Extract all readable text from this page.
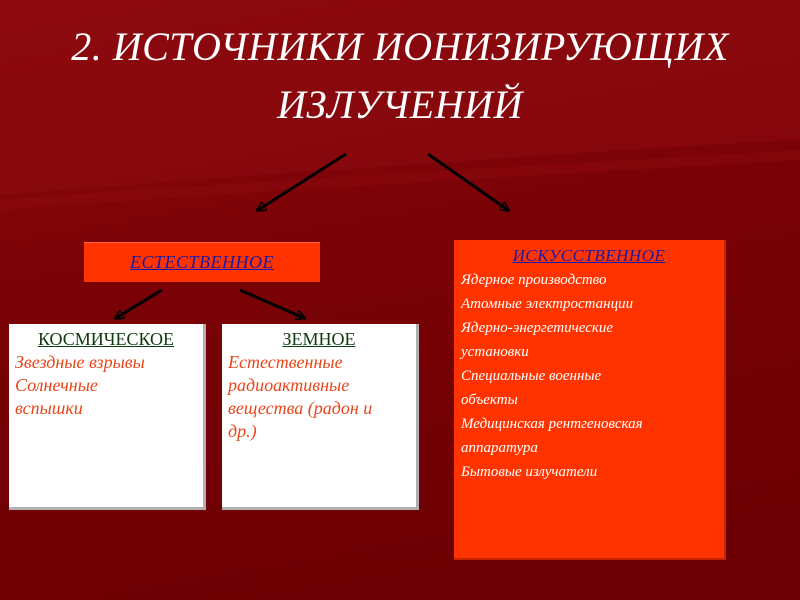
2. ИСТОЧНИКИ ИОНИЗИРУЮЩИХ
ИЗЛУЧЕНИЙ
ЕСТЕСТВЕННОЕ
КОСМИЧЕСКОЕ
Звездные взрывы
Солнечные
вспышки
ЗЕМНОЕ
Естественные
радиоактивные
вещества (радон и
др.)
ИСКУССТВЕННОЕ
Ядерное производство
Атомные электростанции
Ядерно-энергетические
установки
Специальные военные
объекты
Медицинская рентгеновская
аппаратура
Бытовые излучатели
